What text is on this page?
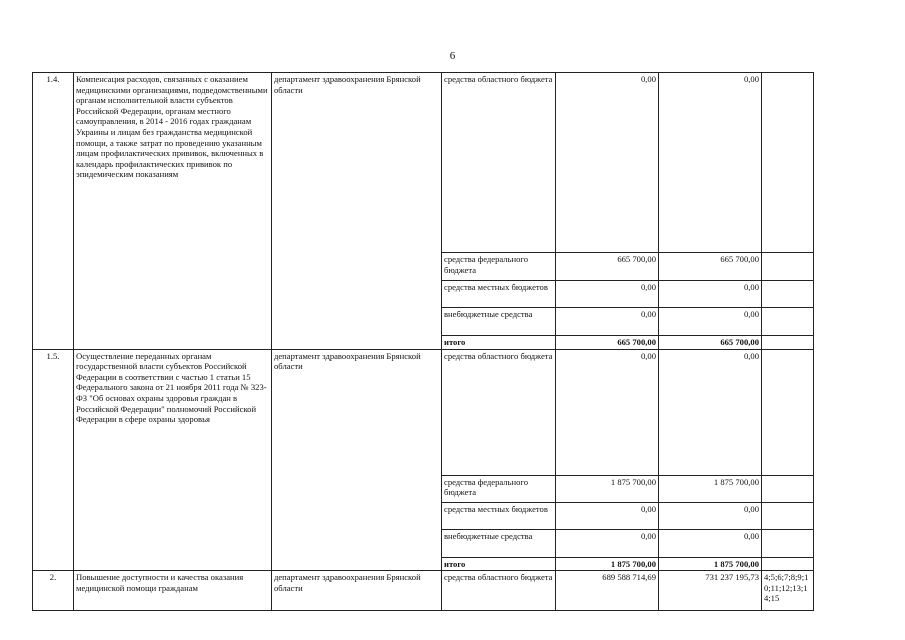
6
1.4.	Компенсация расходов, связанных с оказанием медицинскими организациями, подведомственными органам исполнительной власти субъектов Российской Федерации, органам местного самоуправления, в 2014 - 2016 годах гражданам Украины и лицам без гражданства медицинской помощи, а также затрат по проведению указанным лицам профилактических прививок, включенных в календарь профилактических прививок по эпидемическим показаниям	департамент здравоохранения Брянской области	средства областного бюджета	0,00	0,00	
			средства федерального бюджета	665 700,00	665 700,00	
			средства местных бюджетов	0,00	0,00	
			внебюджетные средства	0,00	0,00	
			итого	665 700,00	665 700,00	
1.5.	Осуществление переданных органам государственной власти субъектов Российской Федерации в соответствии с частью 1 статьи 15 Федерального закона от 21 ноября 2011 года № 323-ФЗ "Об основах охраны здоровья граждан в Российской Федерации" полномочий Российской Федерации в сфере охраны здоровья	департамент здравоохранения Брянской области	средства областного бюджета	0,00	0,00	
			средства федерального бюджета	1 875 700,00	1 875 700,00	
			средства местных бюджетов	0,00	0,00	
			внебюджетные средства	0,00	0,00	
			итого	1 875 700,00	1 875 700,00	
2.	Повышение доступности и качества оказания медицинской помощи гражданам	департамент здравоохранения Брянской области	средства областного бюджета	689 588 714,69	731 237 195,73	4;5;6;7;8;9;10;11;12;13;14;15
